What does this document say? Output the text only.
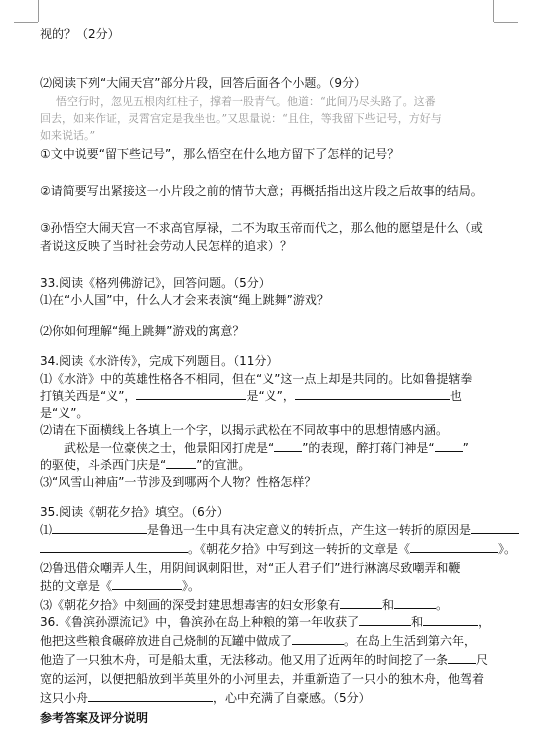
视的？（2分）
⑵阅读下列“大闹天宫”部分片段，回答后面各个小题。（9分）
悟空行时，忽见五根肉红柱子，撑着一股青气。他道：“此间乃尽头路了。这番
回去，如来作证，灵霄宫定是我坐也。”又思量说：“且住，等我留下些记号，方好与
如来说话。”
①文中说要“留下些记号”，那么悟空在什么地方留下了怎样的记号？
②请简要写出紧接这一小片段之前的情节大意；再概括指出这片段之后故事的结局。
③孙悟空大闹天宫一不求高官厚禄，二不为取玉帝而代之，那么他的愿望是什么（或
者说这反映了当时社会劳动人民怎样的追求）？
33.阅读《格列佛游记》，回答问题。（5分）
⑴在“小人国”中，什么人才会来表演“绳上跳舞”游戏？
⑵你如何理解“绳上跳舞”游戏的寓意？
34.阅读《水浒传》，完成下列题目。（11分）
⑴《水浒》中的英雄性格各不相同，但在“义”这一点上却是共同的。比如鲁提辖拳
打镇关西是“义”，	是“义”，	也
是“义”。
⑵请在下面横线上各填上一个字，以揭示武松在不同故事中的思想情感内涵。
武松是一位豪侠之士，他景阳冈打虎是“ ”的表现，醉打蒋门神是“ ”
的驱使，斗杀西门庆是“	”的宣泄。
⑶“风雪山神庙”一节涉及到哪两个人物？性格怎样？
35.阅读《朝花夕拾》填空。（6分）
⑴	是鲁迅一生中具有决定意义的转折点，产生这一转折的原因是
。《朝花夕拾》中写到这一转折的文章是《	》。
⑵鲁迅借众嘲弄人生，用阴间讽刺阳世，对“正人君子们”进行淋漓尽致嘲弄和鞭
挞的文章是《	》。
⑶《朝花夕拾》中刻画的深受封建思想毒害的妇女形象有	和	。
36.《鲁滨孙漂流记》中，鲁滨孙在岛上种粮的第一年收获了	和	，
他把这些粮食碾碎放进自己烧制的瓦罐中做成了	。在岛上生活到第六年，
他造了一只独木舟，可是船太重，无法移动。他又用了近两年的时间挖了一条 尺
宽的运河，以便把船放到半英里外的小河里去，并重新造了一只小的独木舟，他驾着
这只小舟	，心中充满了自豪感。（5分）
参考答案及评分说明
